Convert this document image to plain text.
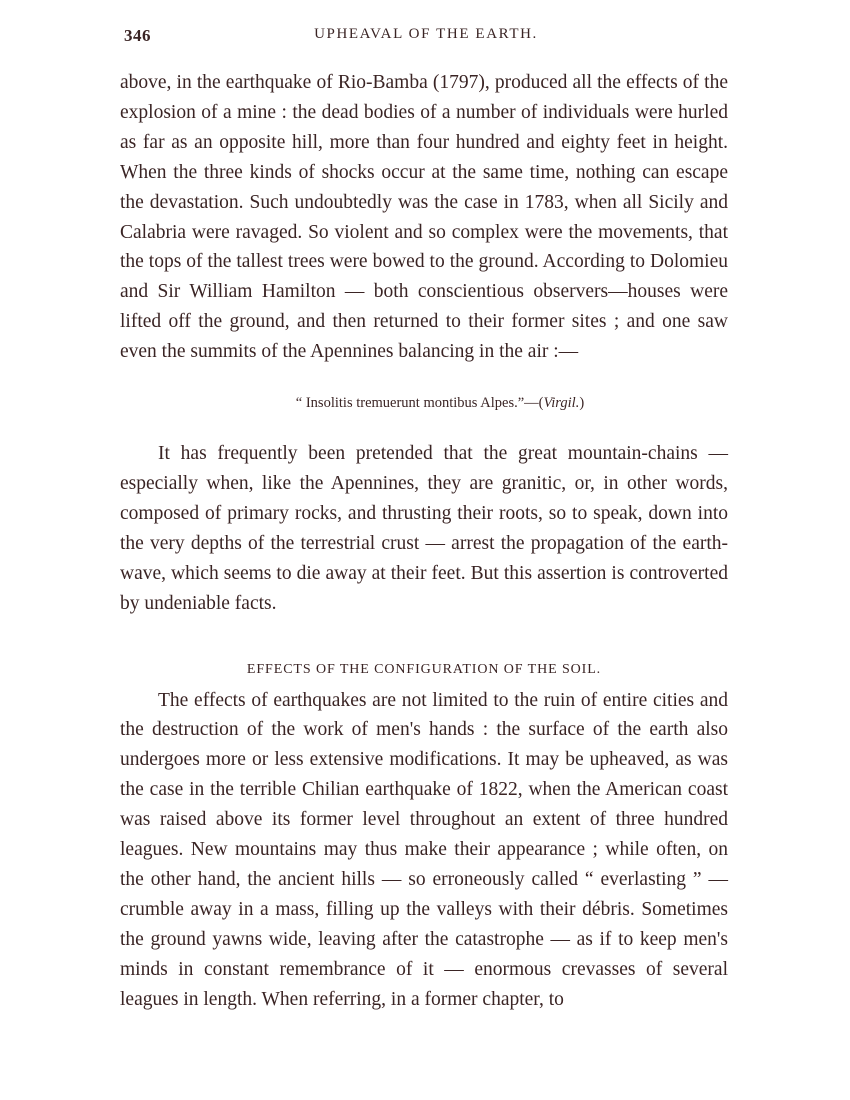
346	UPHEAVAL OF THE EARTH.

above, in the earthquake of Rio-Bamba (1797), produced all the effects of the explosion of a mine : the dead bodies of a number of individuals were hurled as far as an opposite hill, more than four hundred and eighty feet in height. When the three kinds of shocks occur at the same time, nothing can escape the devastation. Such undoubtedly was the case in 1783, when all Sicily and Calabria were ravaged. So violent and so complex were the movements, that the tops of the tallest trees were bowed to the ground. According to Dolomieu and Sir William Hamilton — both conscientious observers—houses were lifted off the ground, and then returned to their former sites ; and one saw even the summits of the Apennines balancing in the air :—

“ Insolitis tremuerunt montibus Alpes.”—(Virgil.)

It has frequently been pretended that the great mountain-chains — especially when, like the Apennines, they are granitic, or, in other words, composed of primary rocks, and thrusting their roots, so to speak, down into the very depths of the terrestrial crust — arrest the propagation of the earth-wave, which seems to die away at their feet. But this assertion is controverted by undeniable facts.

EFFECTS OF THE CONFIGURATION OF THE SOIL.

The effects of earthquakes are not limited to the ruin of entire cities and the destruction of the work of men's hands : the surface of the earth also undergoes more or less extensive modifications. It may be upheaved, as was the case in the terrible Chilian earthquake of 1822, when the American coast was raised above its former level throughout an extent of three hundred leagues. New mountains may thus make their appearance ; while often, on the other hand, the ancient hills — so erroneously called “ everlasting ” — crumble away in a mass, filling up the valleys with their débris. Sometimes the ground yawns wide, leaving after the catastrophe — as if to keep men's minds in constant remembrance of it — enormous crevasses of several leagues in length. When referring, in a former chapter, to
